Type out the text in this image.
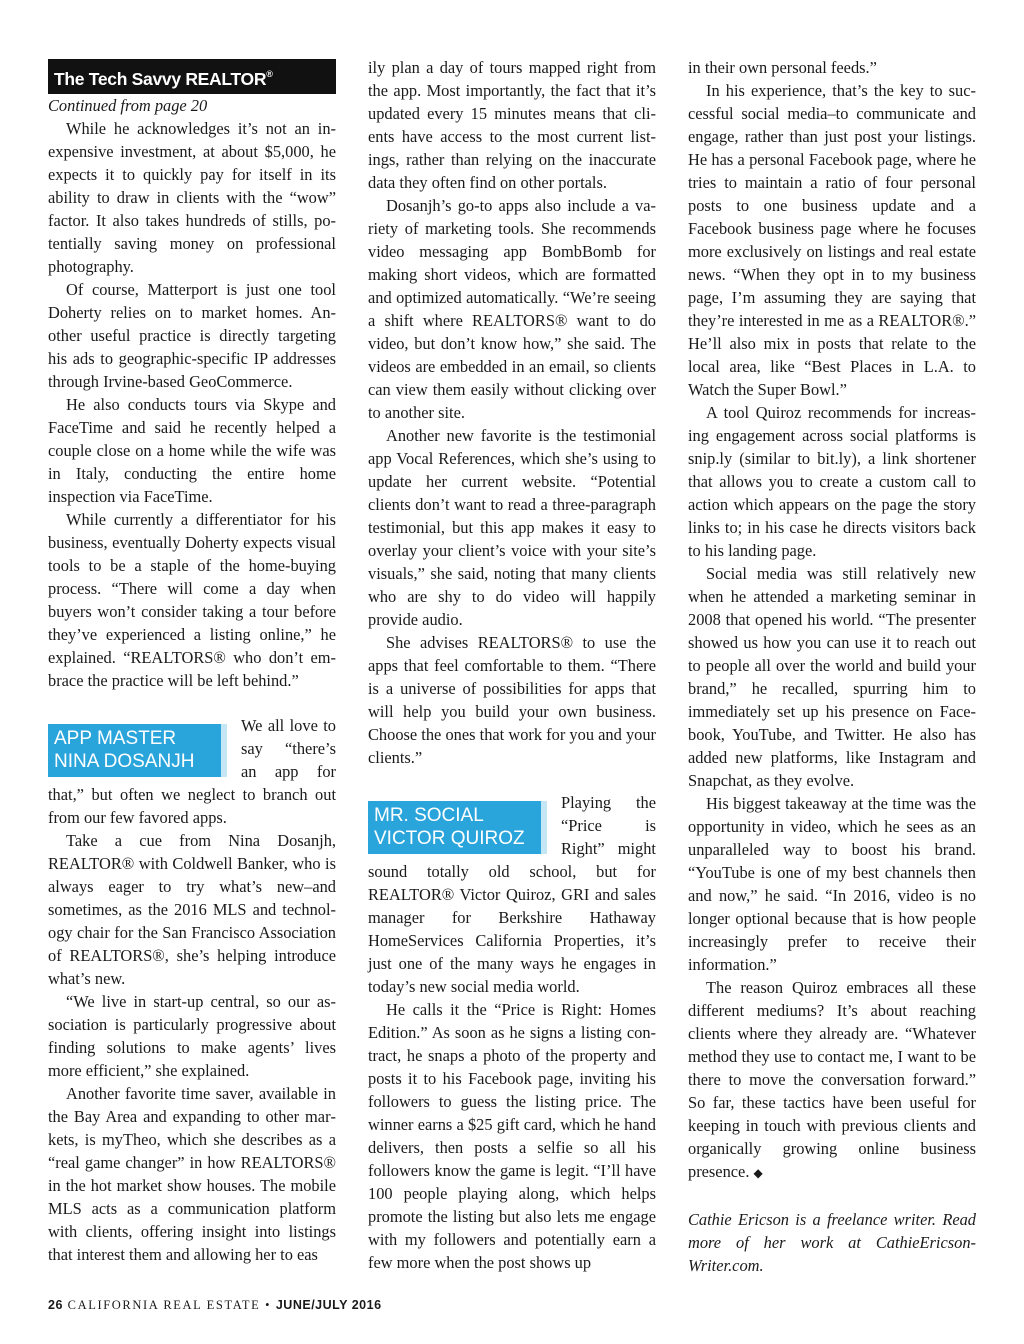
The Tech Savvy REALTOR®

Continued from page 20

While he acknowledges it’s not an inexpensive investment, at about $5,000, he expects it to quickly pay for itself in its ability to draw in clients with the “wow” factor. It also takes hundreds of stills, potentially saving money on professional photography.

Of course, Matterport is just one tool Doherty relies on to market homes. Another useful practice is directly targeting his ads to geographic-specific IP addresses through Irvine-based GeoCommerce.

He also conducts tours via Skype and FaceTime and said he recently helped a couple close on a home while the wife was in Italy, conducting the entire home inspection via FaceTime.

While currently a differentiator for his business, eventually Doherty expects visual tools to be a staple of the home-buying process. “There will come a day when buyers won’t consider taking a tour before they’ve experienced a listing online,” he explained. “REALTORS® who don’t embrace the practice will be left behind.”

APP MASTER
NINA DOSANJH

We all love to say “there’s an app for that,” but often we neglect to branch out from our few favored apps.

Take a cue from Nina Dosanjh, REALTOR® with Coldwell Banker, who is always eager to try what’s new–and sometimes, as the 2016 MLS and technology chair for the San Francisco Association of REALTORS®, she’s helping introduce what’s new.

“We live in start-up central, so our association is particularly progressive about finding solutions to make agents’ lives more efficient,” she explained.

Another favorite time saver, available in the Bay Area and expanding to other markets, is myTheo, which she describes as a “real game changer” in how REALTORS® in the hot market show houses. The mobile MLS acts as a communication platform with clients, offering insight into listings that interest them and allowing her to eas

ily plan a day of tours mapped right from the app. Most importantly, the fact that it’s updated every 15 minutes means that clients have access to the most current listings, rather than relying on the inaccurate data they often find on other portals.

Dosanjh’s go-to apps also include a variety of marketing tools. She recommends video messaging app BombBomb for making short videos, which are formatted and optimized automatically. “We’re seeing a shift where REALTORS® want to do video, but don’t know how,” she said. The videos are embedded in an email, so clients can view them easily without clicking over to another site.

Another new favorite is the testimonial app Vocal References, which she’s using to update her current website. “Potential clients don’t want to read a three-paragraph testimonial, but this app makes it easy to overlay your client’s voice with your site’s visuals,” she said, noting that many clients who are shy to do video will happily provide audio.

She advises REALTORS® to use the apps that feel comfortable to them. “There is a universe of possibilities for apps that will help you build your own business. Choose the ones that work for you and your clients.”

MR. SOCIAL
VICTOR QUIROZ

Playing the “Price is Right” might sound totally old school, but for REALTOR® Victor Quiroz, GRI and sales manager for Berkshire Hathaway HomeServices California Properties, it’s just one of the many ways he engages in today’s new social media world.

He calls it the “Price is Right: Homes Edition.” As soon as he signs a listing contract, he snaps a photo of the property and posts it to his Facebook page, inviting his followers to guess the listing price. The winner earns a $25 gift card, which he hand delivers, then posts a selfie so all his followers know the game is legit. “I’ll have 100 people playing along, which helps promote the listing but also lets me engage with my followers and potentially earn a few more when the post shows up

in their own personal feeds.”

In his experience, that’s the key to successful social media–to communicate and engage, rather than just post your listings. He has a personal Facebook page, where he tries to maintain a ratio of four personal posts to one business update and a Facebook business page where he focuses more exclusively on listings and real estate news. “When they opt in to my business page, I’m assuming they are saying that they’re interested in me as a REALTOR®.” He’ll also mix in posts that relate to the local area, like “Best Places in L.A. to Watch the Super Bowl.”

A tool Quiroz recommends for increasing engagement across social platforms is snip.ly (similar to bit.ly), a link shortener that allows you to create a custom call to action which appears on the page the story links to; in his case he directs visitors back to his landing page.

Social media was still relatively new when he attended a marketing seminar in 2008 that opened his world. “The presenter showed us how you can use it to reach out to people all over the world and build your brand,” he recalled, spurring him to immediately set up his presence on Facebook, YouTube, and Twitter. He also has added new platforms, like Instagram and Snapchat, as they evolve.

His biggest takeaway at the time was the opportunity in video, which he sees as an unparalleled way to boost his brand. “YouTube is one of my best channels then and now,” he said. “In 2016, video is no longer optional because that is how people increasingly prefer to receive their information.”

The reason Quiroz embraces all these different mediums? It’s about reaching clients where they already are. “Whatever method they use to contact me, I want to be there to move the conversation forward.” So far, these tactics have been useful for keeping in touch with previous clients and organically growing online business presence. ◆

Cathie Ericson is a freelance writer. Read more of her work at CathieEricson-Writer.com.

26 CALIFORNIA REAL ESTATE • JUNE/JULY 2016
